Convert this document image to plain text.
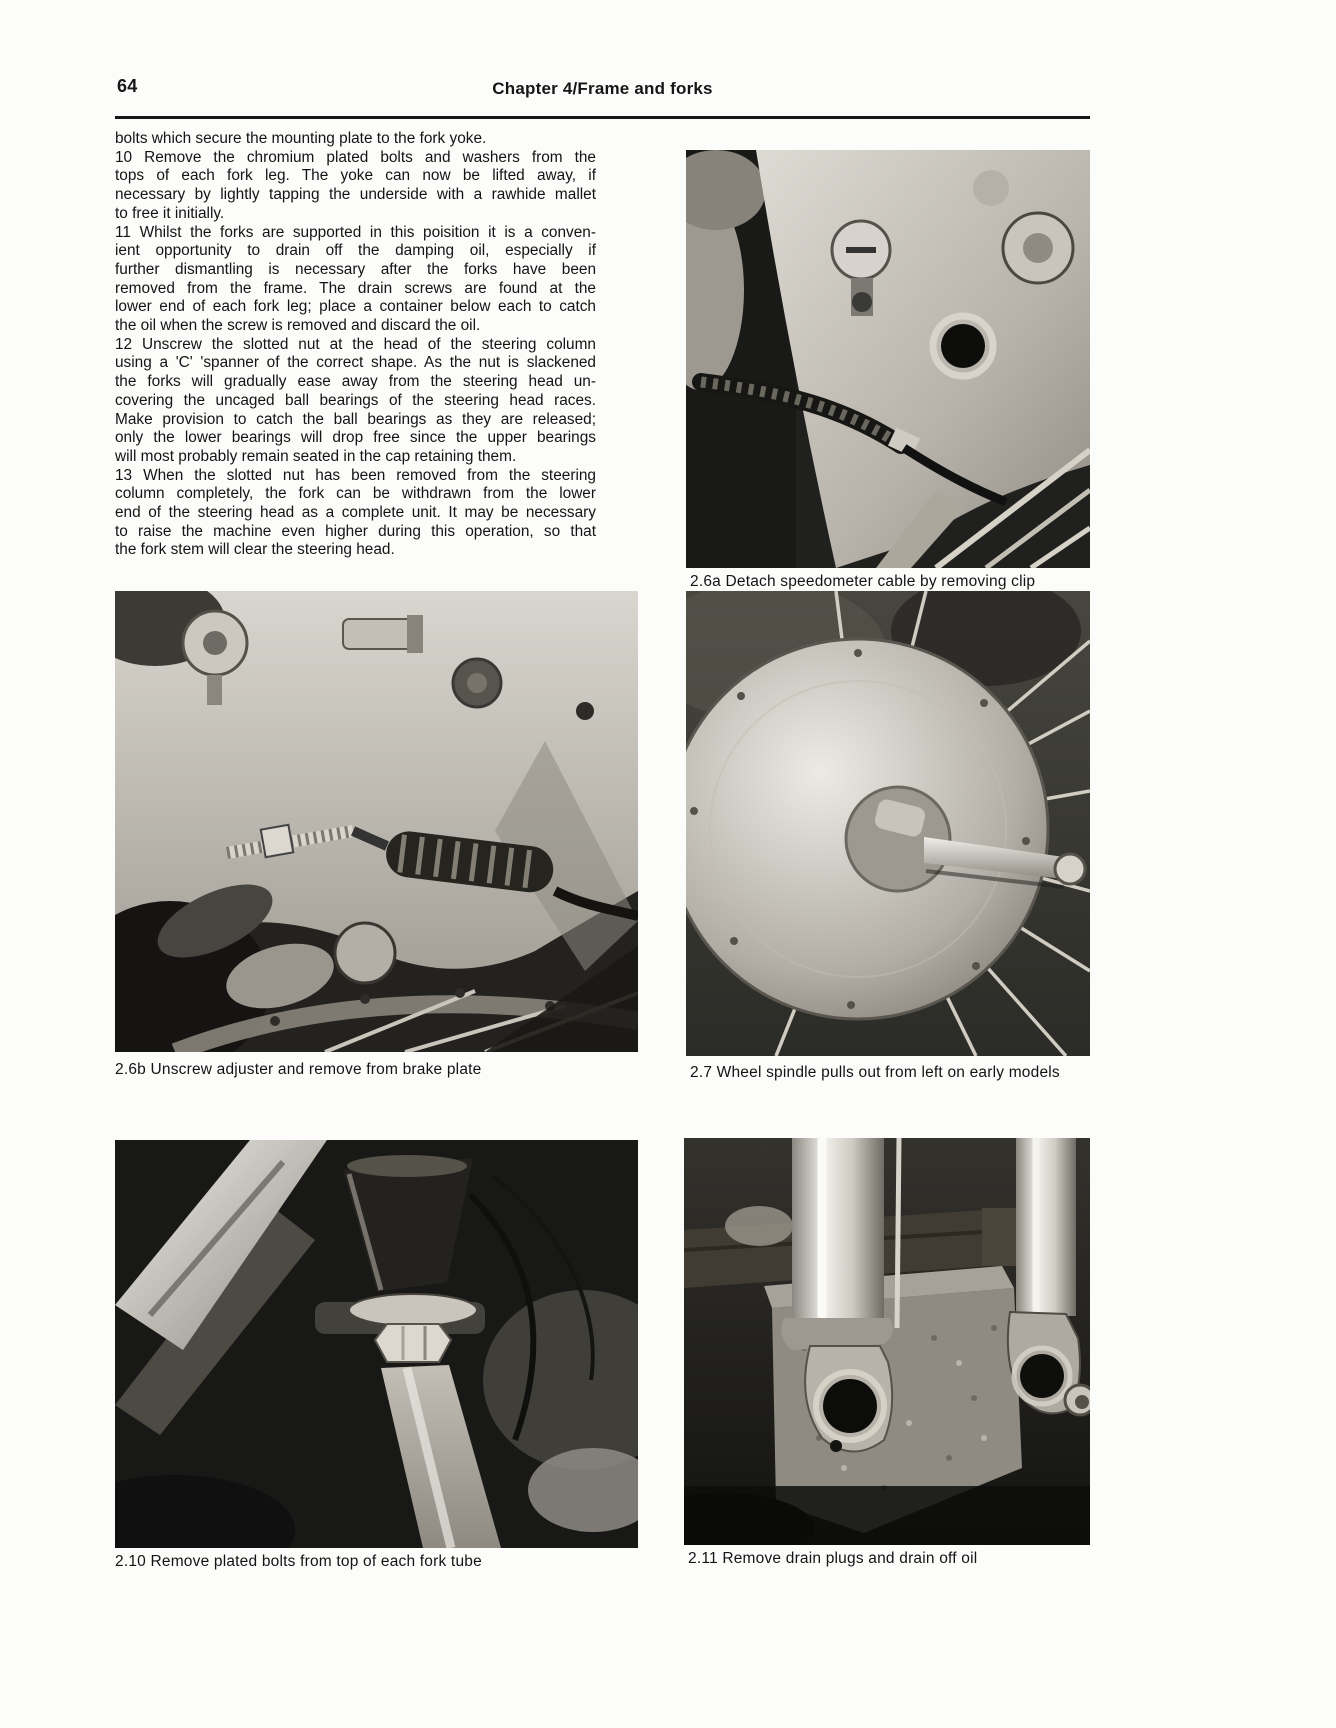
64	Chapter 4/Frame and forks
bolts which secure the mounting plate to the fork yoke.
10 Remove the chromium plated bolts and washers from the
tops of each fork leg. The yoke can now be lifted away, if
necessary by lightly tapping the underside with a rawhide mallet
to free it initially.
11 Whilst the forks are supported in this poisition it is a conven-
ient opportunity to drain off the damping oil, especially if
further dismantling is necessary after the forks have been
removed from the frame. The drain screws are found at the
lower end of each fork leg; place a container below each to catch
the oil when the screw is removed and discard the oil.
12 Unscrew the slotted nut at the head of the steering column
using a 'C' 'spanner of the correct shape. As the nut is slackened
the forks will gradually ease away from the steering head un-
covering the uncaged ball bearings of the steering head races.
Make provision to catch the ball bearings as they are released;
only the lower bearings will drop free since the upper bearings
will most probably remain seated in the cap retaining them.
13 When the slotted nut has been removed from the steering
column completely, the fork can be withdrawn from the lower
end of the steering head as a complete unit. It may be necessary
to raise the machine even higher during this operation, so that
the fork stem will clear the steering head.
2.6a Detach speedometer cable by removing clip
2.6b Unscrew adjuster and remove from brake plate	2.7 Wheel spindle pulls out from left on early models
2.10 Remove plated bolts from top of each fork tube	2.11 Remove drain plugs and drain off oil
